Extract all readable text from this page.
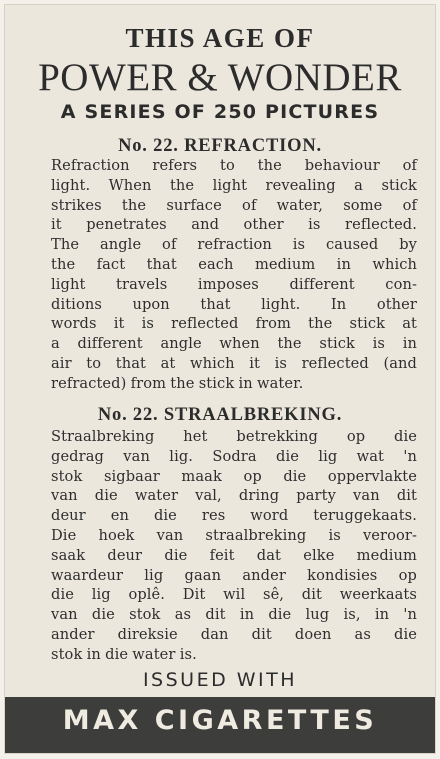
THIS AGE OF
POWER & WONDER
A SERIES OF 250 PICTURES
No. 22. REFRACTION.
Refraction refers to the behaviour of
light. When the light revealing a stick
strikes the surface of water, some of
it penetrates and other is reflected.
The angle of refraction is caused by
the fact that each medium in which
light travels imposes different con-
ditions upon that light. In other
words it is reflected from the stick at
a different angle when the stick is in
air to that at which it is reflected (and
refracted) from the stick in water.
No. 22. STRAALBREKING.
Straalbreking het betrekking op die
gedrag van lig. Sodra die lig wat 'n
stok sigbaar maak op die oppervlakte
van die water val, dring party van dit
deur en die res word teruggekaats.
Die hoek van straalbreking is veroor-
saak deur die feit dat elke medium
waardeur lig gaan ander kondisies op
die lig oplê. Dit wil sê, dit weerkaats
van die stok as dit in die lug is, in 'n
ander direksie dan dit doen as die
stok in die water is.
ISSUED WITH
MAX CIGARETTES
